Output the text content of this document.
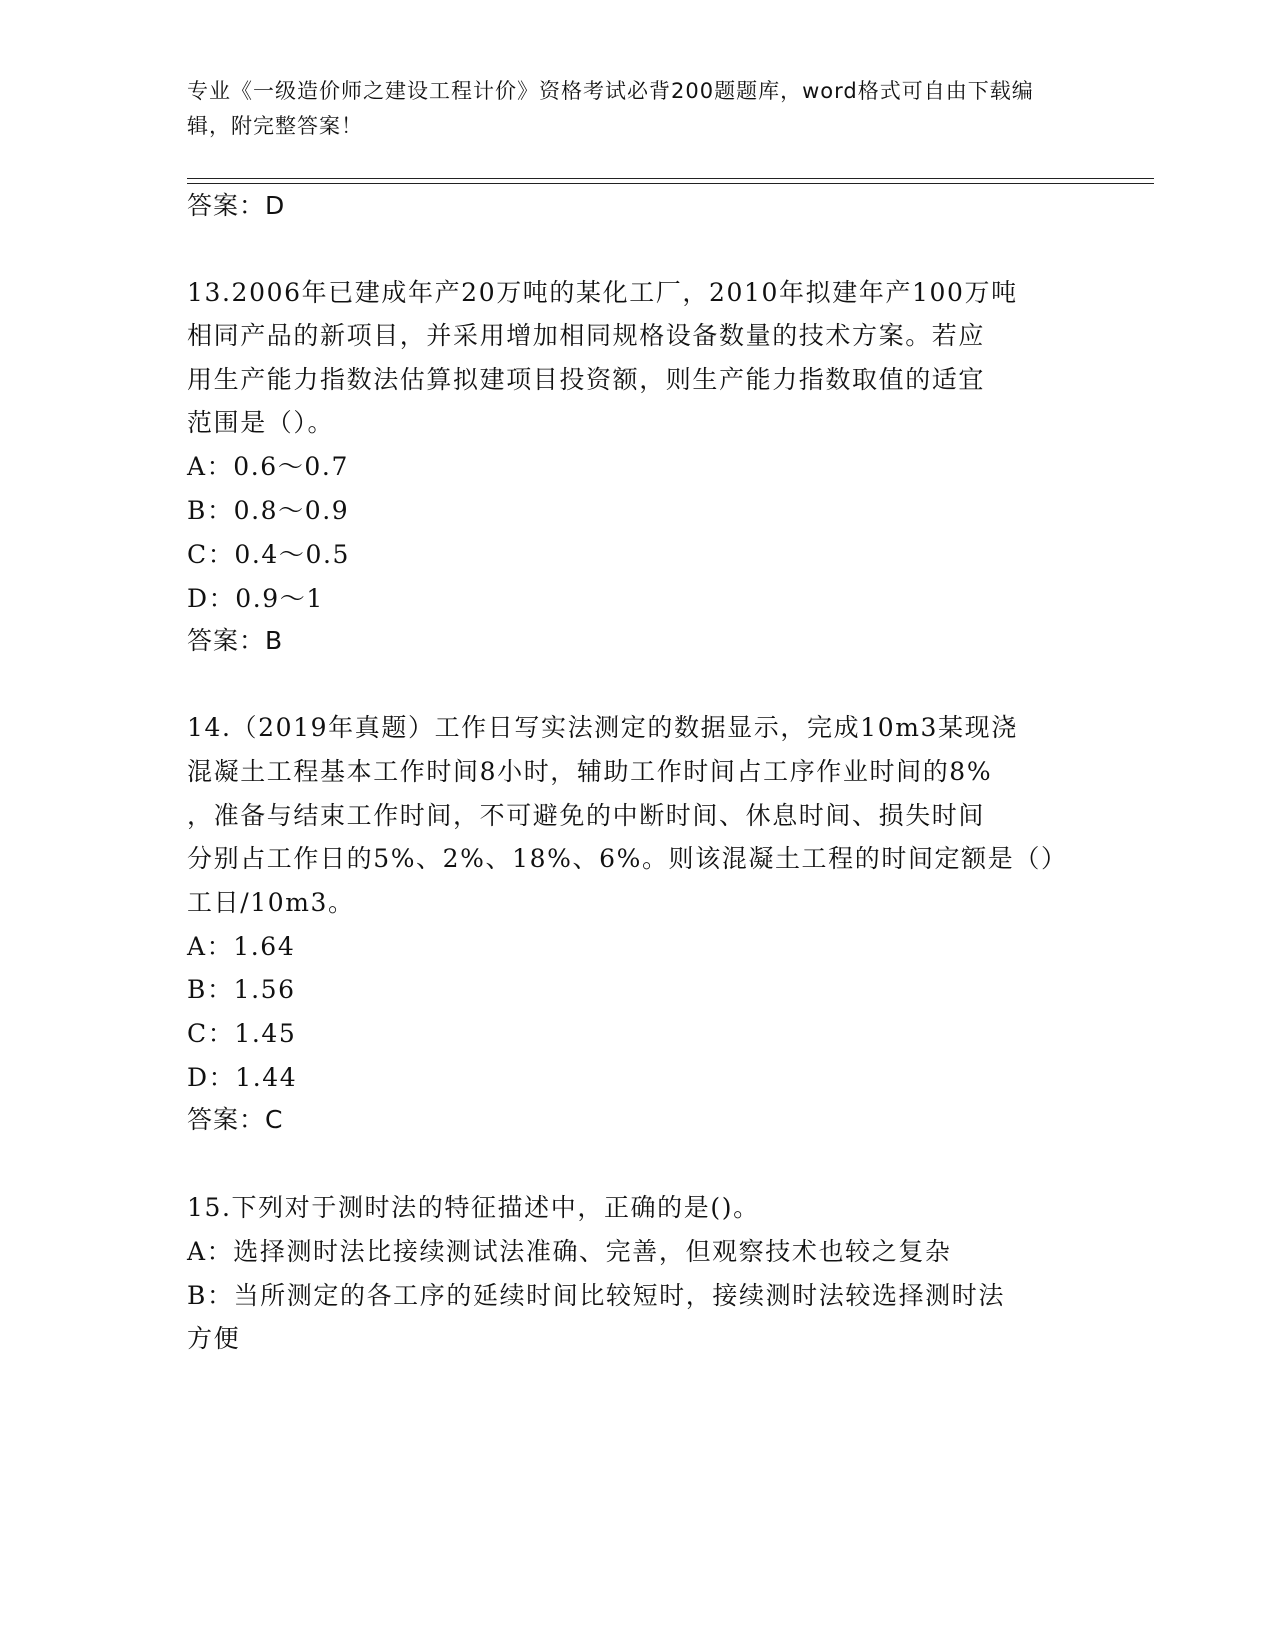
专业《一级造价师之建设工程计价》资格考试必背200题题库，word格式可自由下载编辑，附完整答案！
答案：D
13.2006年已建成年产20万吨的某化工厂，2010年拟建年产100万吨
相同产品的新项目，并采用增加相同规格设备数量的技术方案。若应
用生产能力指数法估算拟建项目投资额，则生产能力指数取值的适宜
范围是（）。
A：0.6～0.7
B：0.8～0.9
C：0.4～0.5
D：0.9～1
答案：B
14.（2019年真题）工作日写实法测定的数据显示，完成10m3某现浇
混凝土工程基本工作时间8小时，辅助工作时间占工序作业时间的8%
，准备与结束工作时间，不可避免的中断时间、休息时间、损失时间
分别占工作日的5%、2%、18%、6%。则该混凝土工程的时间定额是（）
工日/10m3。
A：1.64
B：1.56
C：1.45
D：1.44
答案：C
15.下列对于测时法的特征描述中，正确的是()。
A：选择测时法比接续测试法准确、完善，但观察技术也较之复杂
B：当所测定的各工序的延续时间比较短时，接续测时法较选择测时法
方便
